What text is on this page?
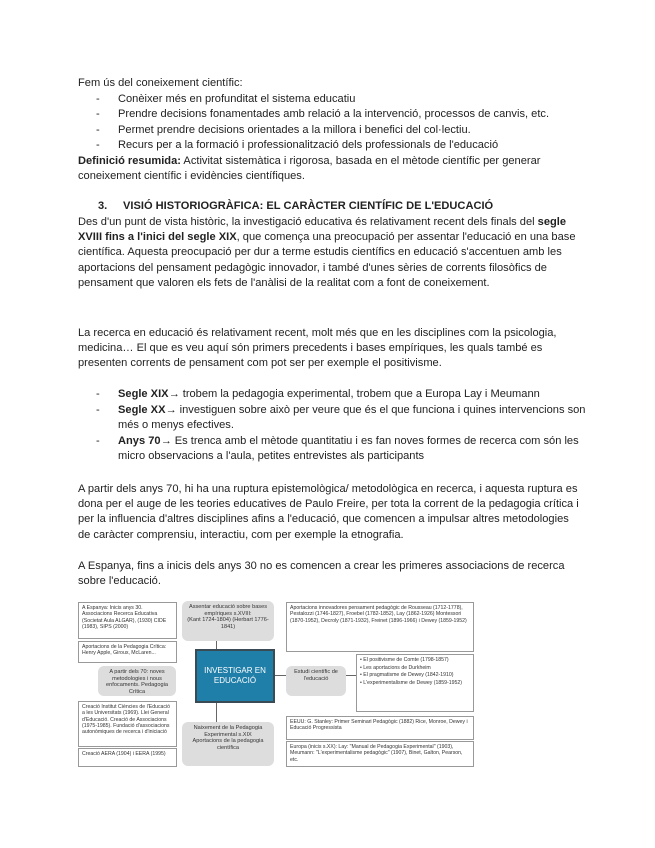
Fem ús del coneixement científic:
- Conèixer més en profunditat el sistema educatiu
- Prendre decisions fonamentades amb relació a la intervenció, processos de canvis, etc.
- Permet prendre decisions orientades a la millora i benefici del col·lectiu.
- Recurs per a la formació i professionalització dels professionals de l'educació
Definició resumida: Activitat sistemàtica i rigorosa, basada en el mètode científic per generar coneixement científic i evidències científiques.
3. VISIÓ HISTORIOGRÀFICA: EL CARÀCTER CIENTÍFIC DE L'EDUCACIÓ
Des d'un punt de vista històric, la investigació educativa és relativament recent dels finals del segle XVIII fins a l'inici del segle XIX, que comença una preocupació per assentar l'educació en una base científica. Aquesta preocupació per dur a terme estudis científics en educació s'accentuen amb les aportacions del pensament pedagògic innovador, i també d'unes sèries de corrents filosòfics de pensament que valoren els fets de l'anàlisi de la realitat com a font de coneixement.
La recerca en educació és relativament recent, molt més que en les disciplines com la psicologia, medicina… El que es veu aquí són primers precedents i bases empíriques, les quals també es presenten corrents de pensament com pot ser per exemple el positivisme.
- Segle XIX→ trobem la pedagogia experimental, trobem que a Europa Lay i Meumann
- Segle XX→ investiguen sobre això per veure que és el que funciona i quines intervencions son més o menys efectives.
- Anys 70→ Es trenca amb el mètode quantitatiu i es fan noves formes de recerca com són les micro observacions a l'aula, petites entrevistes als participants
A partir dels anys 70, hi ha una ruptura epistemològica/ metodològica en recerca, i aquesta ruptura es dona per el auge de les teories educatives de Paulo Freire, per tota la corrent de la pedagogia crítica i per la influencia d'altres disciplines afins a l'educació, que comencen a impulsar altres metodologies de caràcter comprensiu, interactiu, com per exemple la etnografia.
A Espanya, fins a inicis dels anys 30 no es comencen a crear les primeres associacions de recerca sobre l'educació.
A Espanya: Inicis anys 30. Associacions Recerca Educativa (Societat Aula ALGAR), (1930) CIDE (1983), SIPS (2000)
Aportacions de la Pedagogia Crítica: Henry Apple, Giroux, McLaren...
A partir dels 70: noves metodologies i nous enfocaments. Pedagogia Crítica
Creació Institut Ciències de l'Educació a les Universitats (1969). Llei General d'Educació. Creació de Associacions (1975-1985). Fundació d'associacions autonòmiques de recerca i d'iniciació
Creació AERA (1904) i EERA (1995)
Assentar educació sobre bases empíriques s.XVIII:
(Kant 1724-1804) (Herbart 1776-1841)
INVESTIGAR EN EDUCACIÓ
Naixement de la Pedagogia Experimental s.XIX
Aportacions de la pedagogia científica
Aportacions innovadores pensament pedagògic de Rousseau (1712-1778), Pestalozzi (1746-1827), Froebel (1782-1852), Lay (1862-1926) Montessori (1870-1952), Decroly (1871-1932), Freinet (1896-1966) i Dewey (1859-1952)
Estudi científic de l'educació
• El positivisme de Comte (1798-1857)
• Les aportacions de Durkheim
• El pragmatisme de Dewey (1842-1910)
• L'experimentalisme de Dewey (1859-1952)
EEUU: G. Stanley: Primer Seminari Pedagògic (1882) Rice, Monroe, Dewey i Educació Progressista
Europa (inicis s.XX): Lay: "Manual de Pedagogia Experimental" (1903), Meumann: "L'experimentalisme pedagògic" (1907), Binet, Galton, Pearson, etc.
